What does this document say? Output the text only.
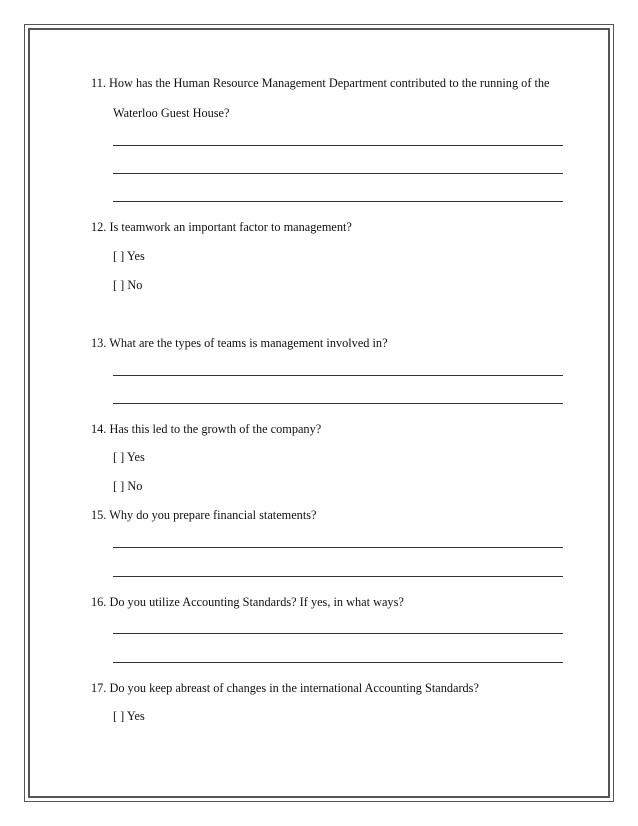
11. How has the Human Resource Management Department contributed to the running of the
Waterloo Guest House?
12. Is teamwork an important factor to management?
[ ] Yes
[ ] No
13. What are the types of teams is management involved in?
14. Has this led to the growth of the company?
[ ] Yes
[ ] No
15. Why do you prepare financial statements?
16. Do you utilize Accounting Standards? If yes, in what ways?
17. Do you keep abreast of changes in the international Accounting Standards?
[ ] Yes
